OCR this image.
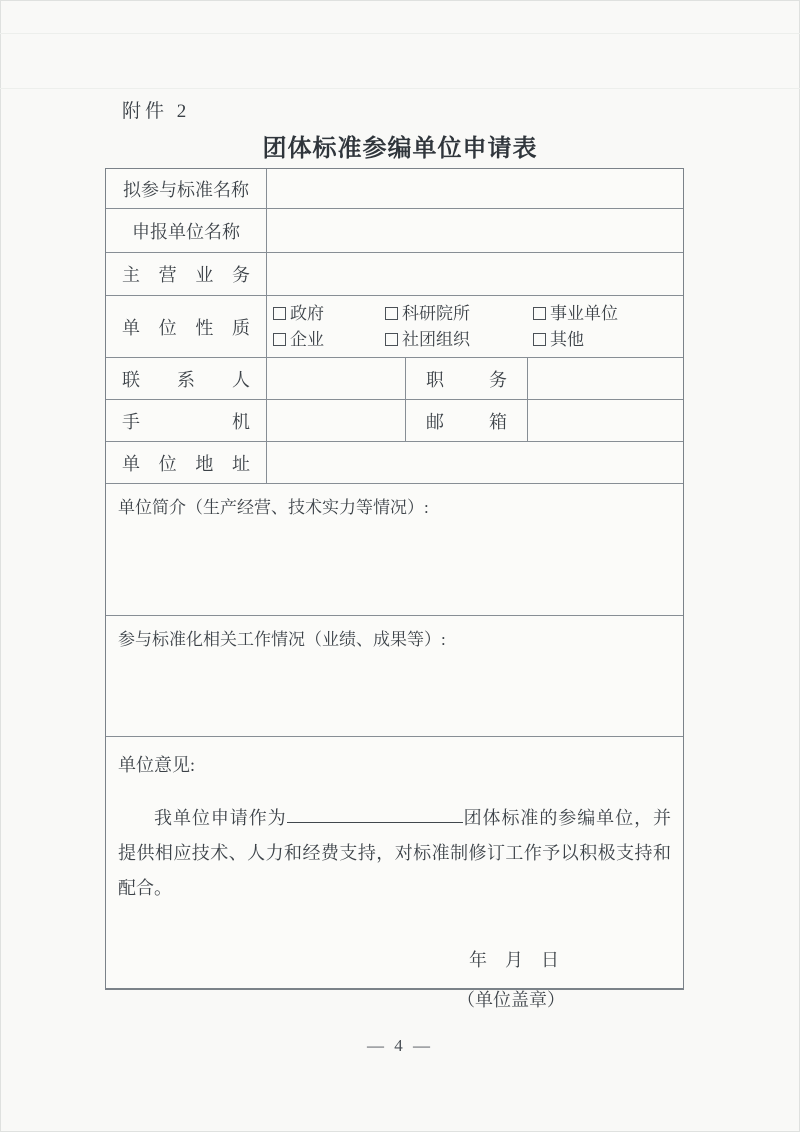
附件 2
团体标准参编单位申请表
拟参与标准名称
申报单位名称
主营业务
单位性质
政府	科研院所	事业单位
企业	社团组织	其他
联系人	职务
手机	邮箱
单位地址
单位简介（生产经营、技术实力等情况）:
参与标准化相关工作情况（业绩、成果等）:
单位意见:
我单位申请作为	团体标准的参编单位，并提供相应技术、人力和经费支持，对标准制修订工作予以积极支持和配合。
年　月　日
（单位盖章）
— 4 —
